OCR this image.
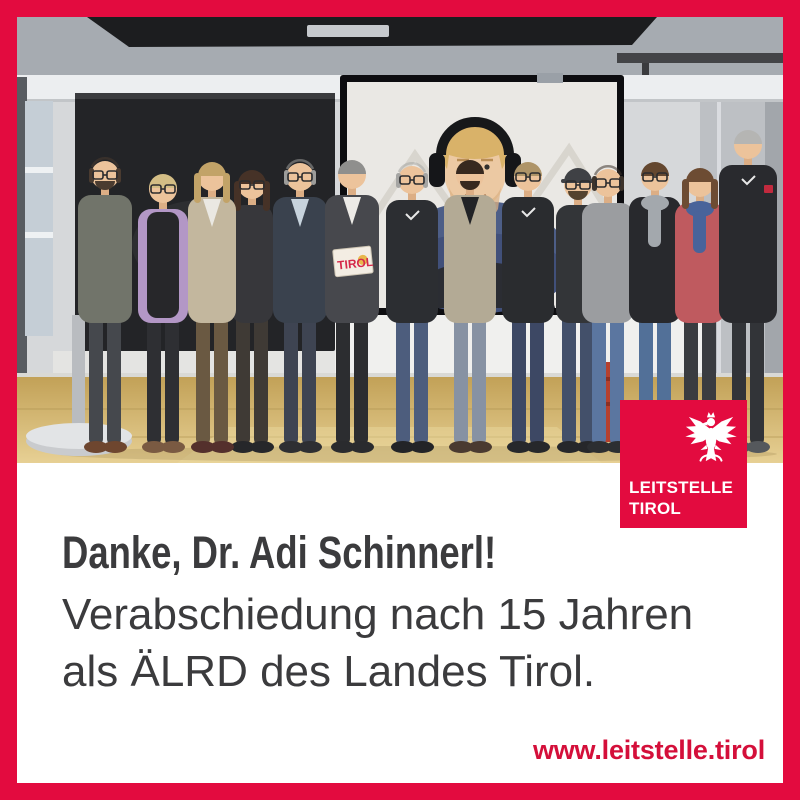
TIROL
Danke, Dr. Adi Schinnerl!

Verabschiedung nach 15 Jahren
als ÄLRD des Landes Tirol.

www.leitstelle.tirol
LEITSTELLE
TIROL
